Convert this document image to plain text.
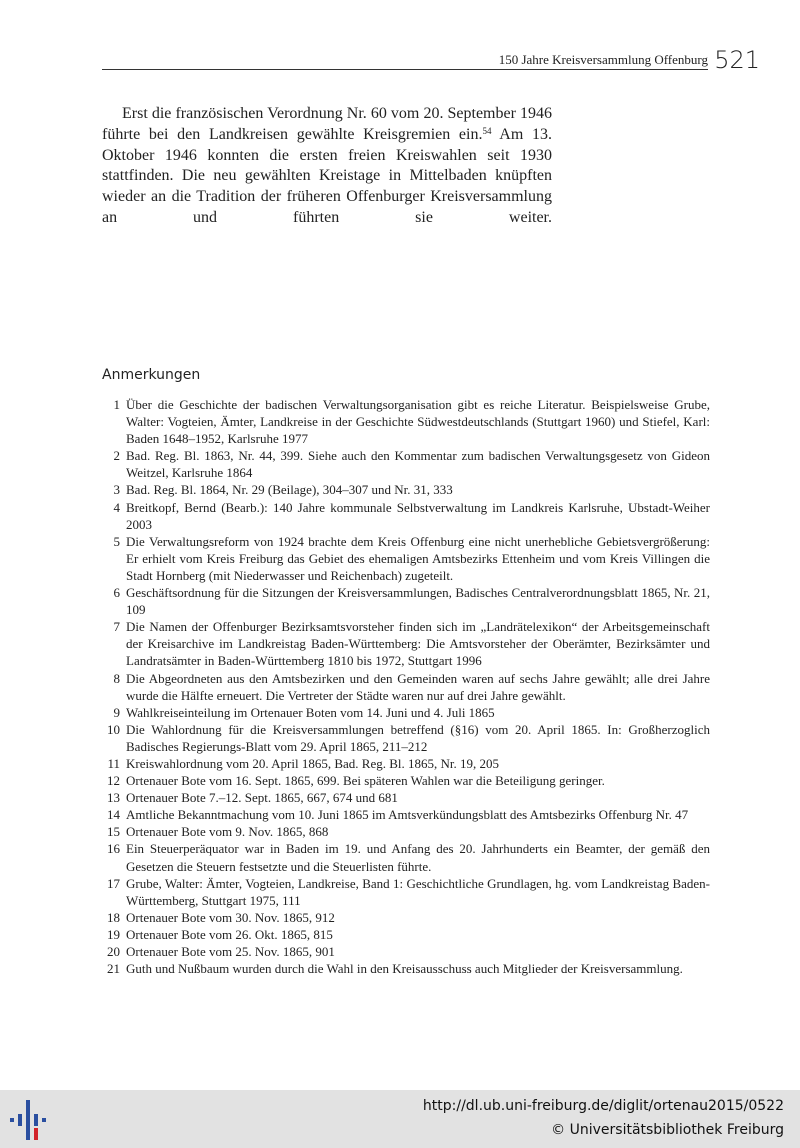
150 Jahre Kreisversammlung Offenburg 521

Erst die französischen Verordnung Nr. 60 vom 20. September 1946 führte bei den Landkreisen gewählte Kreisgremien ein.$^{54}$ Am 13. Oktober 1946 konnten die ersten freien Kreiswahlen seit 1930 stattfinden. Die neu gewählten Kreistage in Mittelbaden knüpften wieder an die Tradition der früheren Offenburger Kreisversammlung an und führten sie weiter.

Anmerkungen
1 Über die Geschichte der badischen Verwaltungsorganisation gibt es reiche Literatur. Beispielsweise Grube, Walter: Vogteien, Ämter, Landkreise in der Geschichte Südwestdeutschlands (Stuttgart 1960) und Stiefel, Karl: Baden 1648–1952, Karlsruhe 1977
2 Bad. Reg. Bl. 1863, Nr. 44, 399. Siehe auch den Kommentar zum badischen Verwaltungsgesetz von Gideon Weitzel, Karlsruhe 1864
3 Bad. Reg. Bl. 1864, Nr. 29 (Beilage), 304–307 und Nr. 31, 333
4 Breitkopf, Bernd (Bearb.): 140 Jahre kommunale Selbstverwaltung im Landkreis Karlsruhe, Ubstadt-Weiher 2003
5 Die Verwaltungsreform von 1924 brachte dem Kreis Offenburg eine nicht unerhebliche Gebietsvergrößerung: Er erhielt vom Kreis Freiburg das Gebiet des ehemaligen Amtsbezirks Ettenheim und vom Kreis Villingen die Stadt Hornberg (mit Niederwasser und Reichenbach) zugeteilt.
6 Geschäftsordnung für die Sitzungen der Kreisversammlungen, Badisches Centralverordnungsblatt 1865, Nr. 21, 109
7 Die Namen der Offenburger Bezirksamtsvorsteher finden sich im „Landrätelexikon“ der Arbeitsgemeinschaft der Kreisarchive im Landkreistag Baden-Württemberg: Die Amtsvorsteher der Oberämter, Bezirksämter und Landratsämter in Baden-Württemberg 1810 bis 1972, Stuttgart 1996
8 Die Abgeordneten aus den Amtsbezirken und den Gemeinden waren auf sechs Jahre gewählt; alle drei Jahre wurde die Hälfte erneuert. Die Vertreter der Städte waren nur auf drei Jahre gewählt.
9 Wahlkreiseinteilung im Ortenauer Boten vom 14. Juni und 4. Juli 1865
10 Die Wahlordnung für die Kreisversammlungen betreffend (§16) vom 20. April 1865. In: Großherzoglich Badisches Regierungs-Blatt vom 29. April 1865, 211–212
11 Kreiswahlordnung vom 20. April 1865, Bad. Reg. Bl. 1865, Nr. 19, 205
12 Ortenauer Bote vom 16. Sept. 1865, 699. Bei späteren Wahlen war die Beteiligung geringer.
13 Ortenauer Bote 7.–12. Sept. 1865, 667, 674 und 681
14 Amtliche Bekanntmachung vom 10. Juni 1865 im Amtsverkündungsblatt des Amtsbezirks Offenburg Nr. 47
15 Ortenauer Bote vom 9. Nov. 1865, 868
16 Ein Steuerperäquator war in Baden im 19. und Anfang des 20. Jahrhunderts ein Beamter, der gemäß den Gesetzen die Steuern festsetzte und die Steuerlisten führte.
17 Grube, Walter: Ämter, Vogteien, Landkreise, Band 1: Geschichtliche Grundlagen, hg. vom Landkreistag Baden-Württemberg, Stuttgart 1975, 111
18 Ortenauer Bote vom 30. Nov. 1865, 912
19 Ortenauer Bote vom 26. Okt. 1865, 815
20 Ortenauer Bote vom 25. Nov. 1865, 901
21 Guth und Nußbaum wurden durch die Wahl in den Kreisausschuss auch Mitglieder der Kreisversammlung.
http://dl.ub.uni-freiburg.de/diglit/ortenau2015/0522
© Universitätsbibliothek Freiburg
